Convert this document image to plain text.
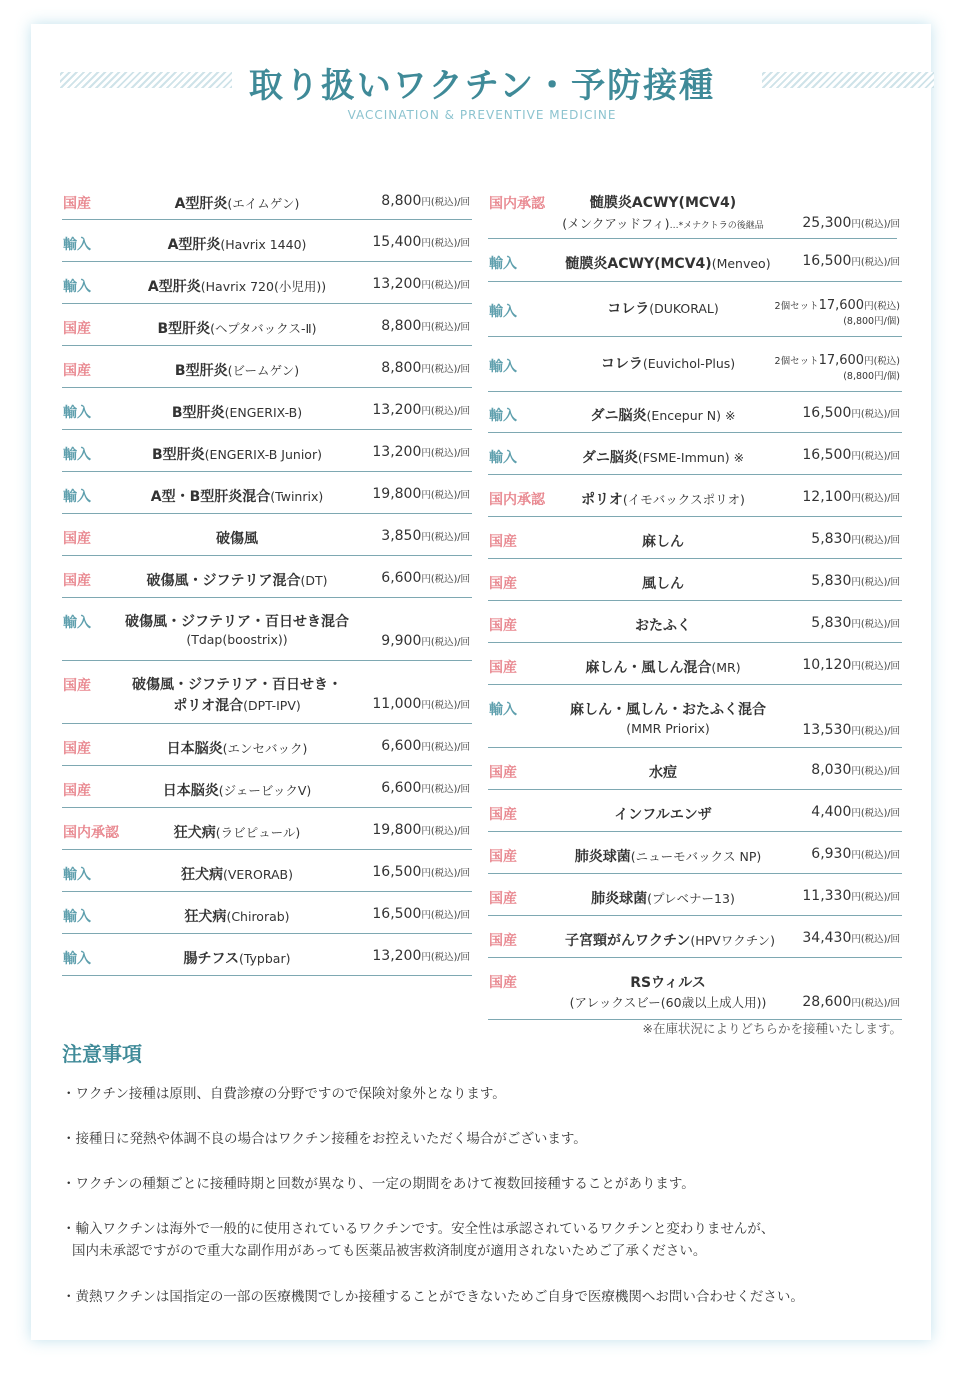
取り扱いワクチン・予防接種
VACCINATION & PREVENTIVE MEDICINE
国産	A型肝炎(エイムゲン)	8,800円(税込)/回
輸入	A型肝炎(Havrix 1440)	15,400円(税込)/回
輸入	A型肝炎(Havrix 720(小児用))	13,200円(税込)/回
国産	B型肝炎(ヘプタバックス-Ⅱ)	8,800円(税込)/回
国産	B型肝炎(ビームゲン)	8,800円(税込)/回
輸入	B型肝炎(ENGERIX-B)	13,200円(税込)/回
輸入	B型肝炎(ENGERIX-B Junior)	13,200円(税込)/回
輸入	A型・B型肝炎混合(Twinrix)	19,800円(税込)/回
国産	破傷風	3,850円(税込)/回
国産	破傷風・ジフテリア混合(DT)	6,600円(税込)/回
輸入	破傷風・ジフテリア・百日せき混合
(Tdap(boostrix))	9,900円(税込)/回
国産	破傷風・ジフテリア・百日せき・
ポリオ混合(DPT-IPV)	11,000円(税込)/回
国産	日本脳炎(エンセバック)	6,600円(税込)/回
国産	日本脳炎(ジェービックV)	6,600円(税込)/回
国内承認	狂犬病(ラビピュール)	19,800円(税込)/回
輸入	狂犬病(VERORAB)	16,500円(税込)/回
輸入	狂犬病(Chirorab)	16,500円(税込)/回
輸入	腸チフス(Typbar)	13,200円(税込)/回
国内承認	髄膜炎ACWY(MCV4)
(メンクアッドフィ)…*メナクトラの後継品	25,300円(税込)/回
輸入	髄膜炎ACWY(MCV4)(Menveo)	16,500円(税込)/回
輸入	コレラ(DUKORAL)	2個セット17,600円(税込)
(8,800円/個)
輸入	コレラ(Euvichol-Plus)	2個セット17,600円(税込)
(8,800円/個)
輸入	ダニ脳炎(Encepur N) ※	16,500円(税込)/回
輸入	ダニ脳炎(FSME-Immun) ※	16,500円(税込)/回
国内承認	ポリオ(イモバックスポリオ)	12,100円(税込)/回
国産	麻しん	5,830円(税込)/回
国産	風しん	5,830円(税込)/回
国産	おたふく	5,830円(税込)/回
国産	麻しん・風しん混合(MR)	10,120円(税込)/回
輸入	麻しん・風しん・おたふく混合
(MMR Priorix)	13,530円(税込)/回
国産	水痘	8,030円(税込)/回
国産	インフルエンザ	4,400円(税込)/回
国産	肺炎球菌(ニューモバックス NP)	6,930円(税込)/回
国産	肺炎球菌(プレベナー13)	11,330円(税込)/回
国産	子宮頸がんワクチン(HPVワクチン)	34,430円(税込)/回
国産	RSウィルス
(アレックスビー(60歳以上成人用))	28,600円(税込)/回
※在庫状況によりどちらかを接種いたします。
注意事項
・ワクチン接種は原則、自費診療の分野ですので保険対象外となります。
・接種日に発熱や体調不良の場合はワクチン接種をお控えいただく場合がございます。
・ワクチンの種類ごとに接種時期と回数が異なり、一定の期間をあけて複数回接種することがあります。
・輸入ワクチンは海外で一般的に使用されているワクチンです。安全性は承認されているワクチンと変わりませんが、
国内未承認ですがので重大な副作用があっても医薬品被害救済制度が適用されないためご了承ください。
・黄熱ワクチンは国指定の一部の医療機関でしか接種することができないためご自身で医療機関へお問い合わせください。
